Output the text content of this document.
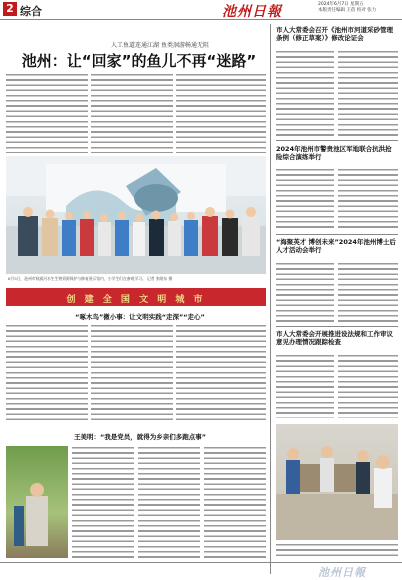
2 综合	池州日報	2024年6月7日 星期五
本版责任编辑 王蓓 校对 张力
人工鱼道连通江湖 鱼类洄游畅通无阻
池州：让“回家”的鱼儿不再“迷路”
6月5日，池州市秋浦河水生生物资源保护与修复展示馆内，小学生们在参观学习。 记者 张晓东 摄
创 建 全 国 文 明 城 市
“啄木鸟”微小事：让文明实践“走深”“走心”
王美明：“我是党员，就得为乡亲们多跑点事”
市人大常委会召开《池州市河道采砂管理条例（修正草案）》修改论证会
2024年池州市警贵池区军地联合抗洪抢险综合演练举行
“海聚英才 博创未来”2024年池州博士后人才活动会举行
市人大常委会开展推进设法规和工作审议意见办理情况跟踪检查
池州日報
